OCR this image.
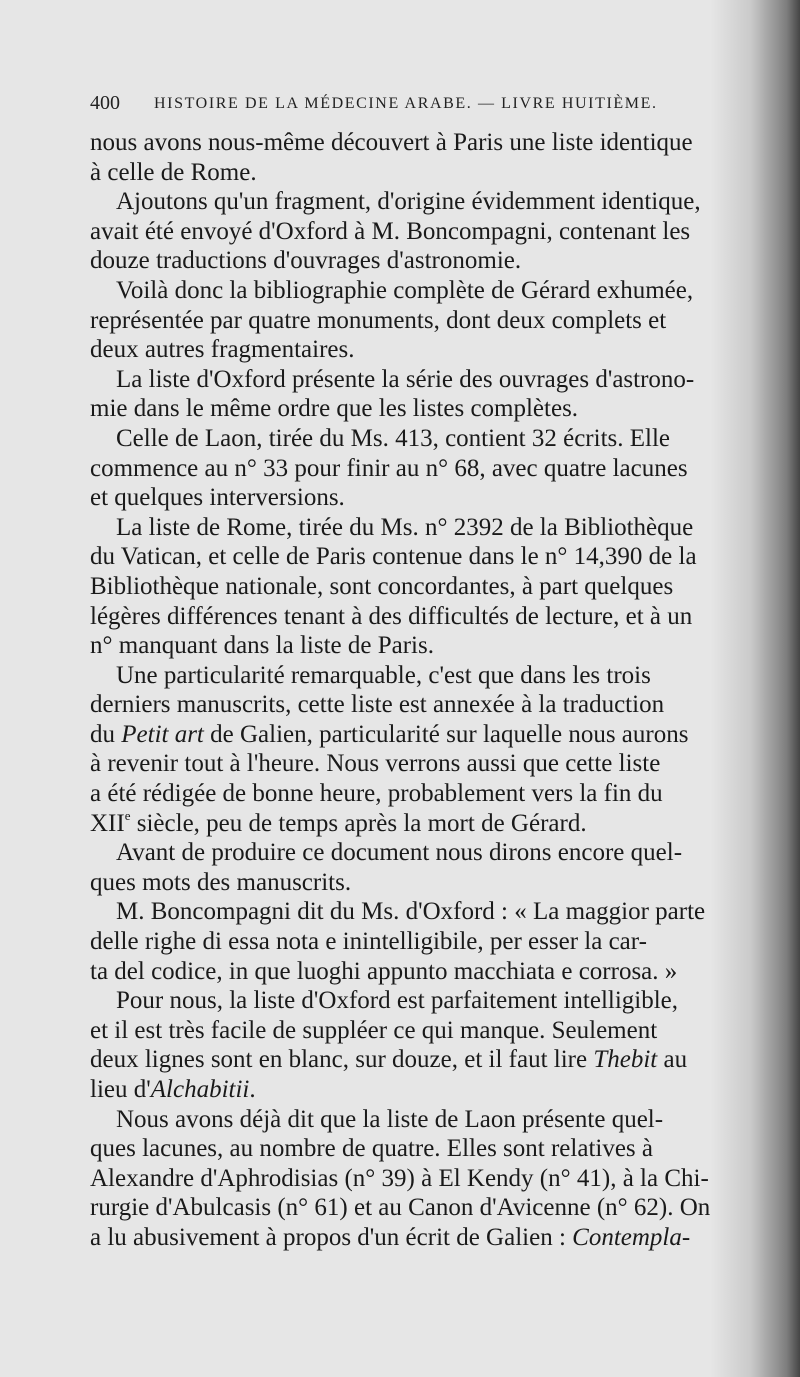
400 HISTOIRE DE LA MÉDECINE ARABE. — LIVRE HUITIÈME.
nous avons nous-même découvert à Paris une liste identique
à celle de Rome.
Ajoutons qu'un fragment, d'origine évidemment identique,
avait été envoyé d'Oxford à M. Boncompagni, contenant les
douze traductions d'ouvrages d'astronomie.
Voilà donc la bibliographie complète de Gérard exhumée,
représentée par quatre monuments, dont deux complets et
deux autres fragmentaires.
La liste d'Oxford présente la série des ouvrages d'astrono-
mie dans le même ordre que les listes complètes.
Celle de Laon, tirée du Ms. 413, contient 32 écrits. Elle
commence au n° 33 pour finir au n° 68, avec quatre lacunes
et quelques interversions.
La liste de Rome, tirée du Ms. n° 2392 de la Bibliothèque
du Vatican, et celle de Paris contenue dans le n° 14,390 de la
Bibliothèque nationale, sont concordantes, à part quelques
légères différences tenant à des difficultés de lecture, et à un
n° manquant dans la liste de Paris.
Une particularité remarquable, c'est que dans les trois
derniers manuscrits, cette liste est annexée à la traduction
du Petit art de Galien, particularité sur laquelle nous aurons
à revenir tout à l'heure. Nous verrons aussi que cette liste
a été rédigée de bonne heure, probablement vers la fin du
XIIe siècle, peu de temps après la mort de Gérard.
Avant de produire ce document nous dirons encore quel-
ques mots des manuscrits.
M. Boncompagni dit du Ms. d'Oxford : « La maggior parte
delle righe di essa nota e inintelligibile, per esser la car-
ta del codice, in que luoghi appunto macchiata e corrosa. »
Pour nous, la liste d'Oxford est parfaitement intelligible,
et il est très facile de suppléer ce qui manque. Seulement
deux lignes sont en blanc, sur douze, et il faut lire Thebit au
lieu d'Alchabitii.
Nous avons déjà dit que la liste de Laon présente quel-
ques lacunes, au nombre de quatre. Elles sont relatives à
Alexandre d'Aphrodisias (n° 39) à El Kendy (n° 41), à la Chi-
rurgie d'Abulcasis (n° 61) et au Canon d'Avicenne (n° 62). On
a lu abusivement à propos d'un écrit de Galien : Contempla-
